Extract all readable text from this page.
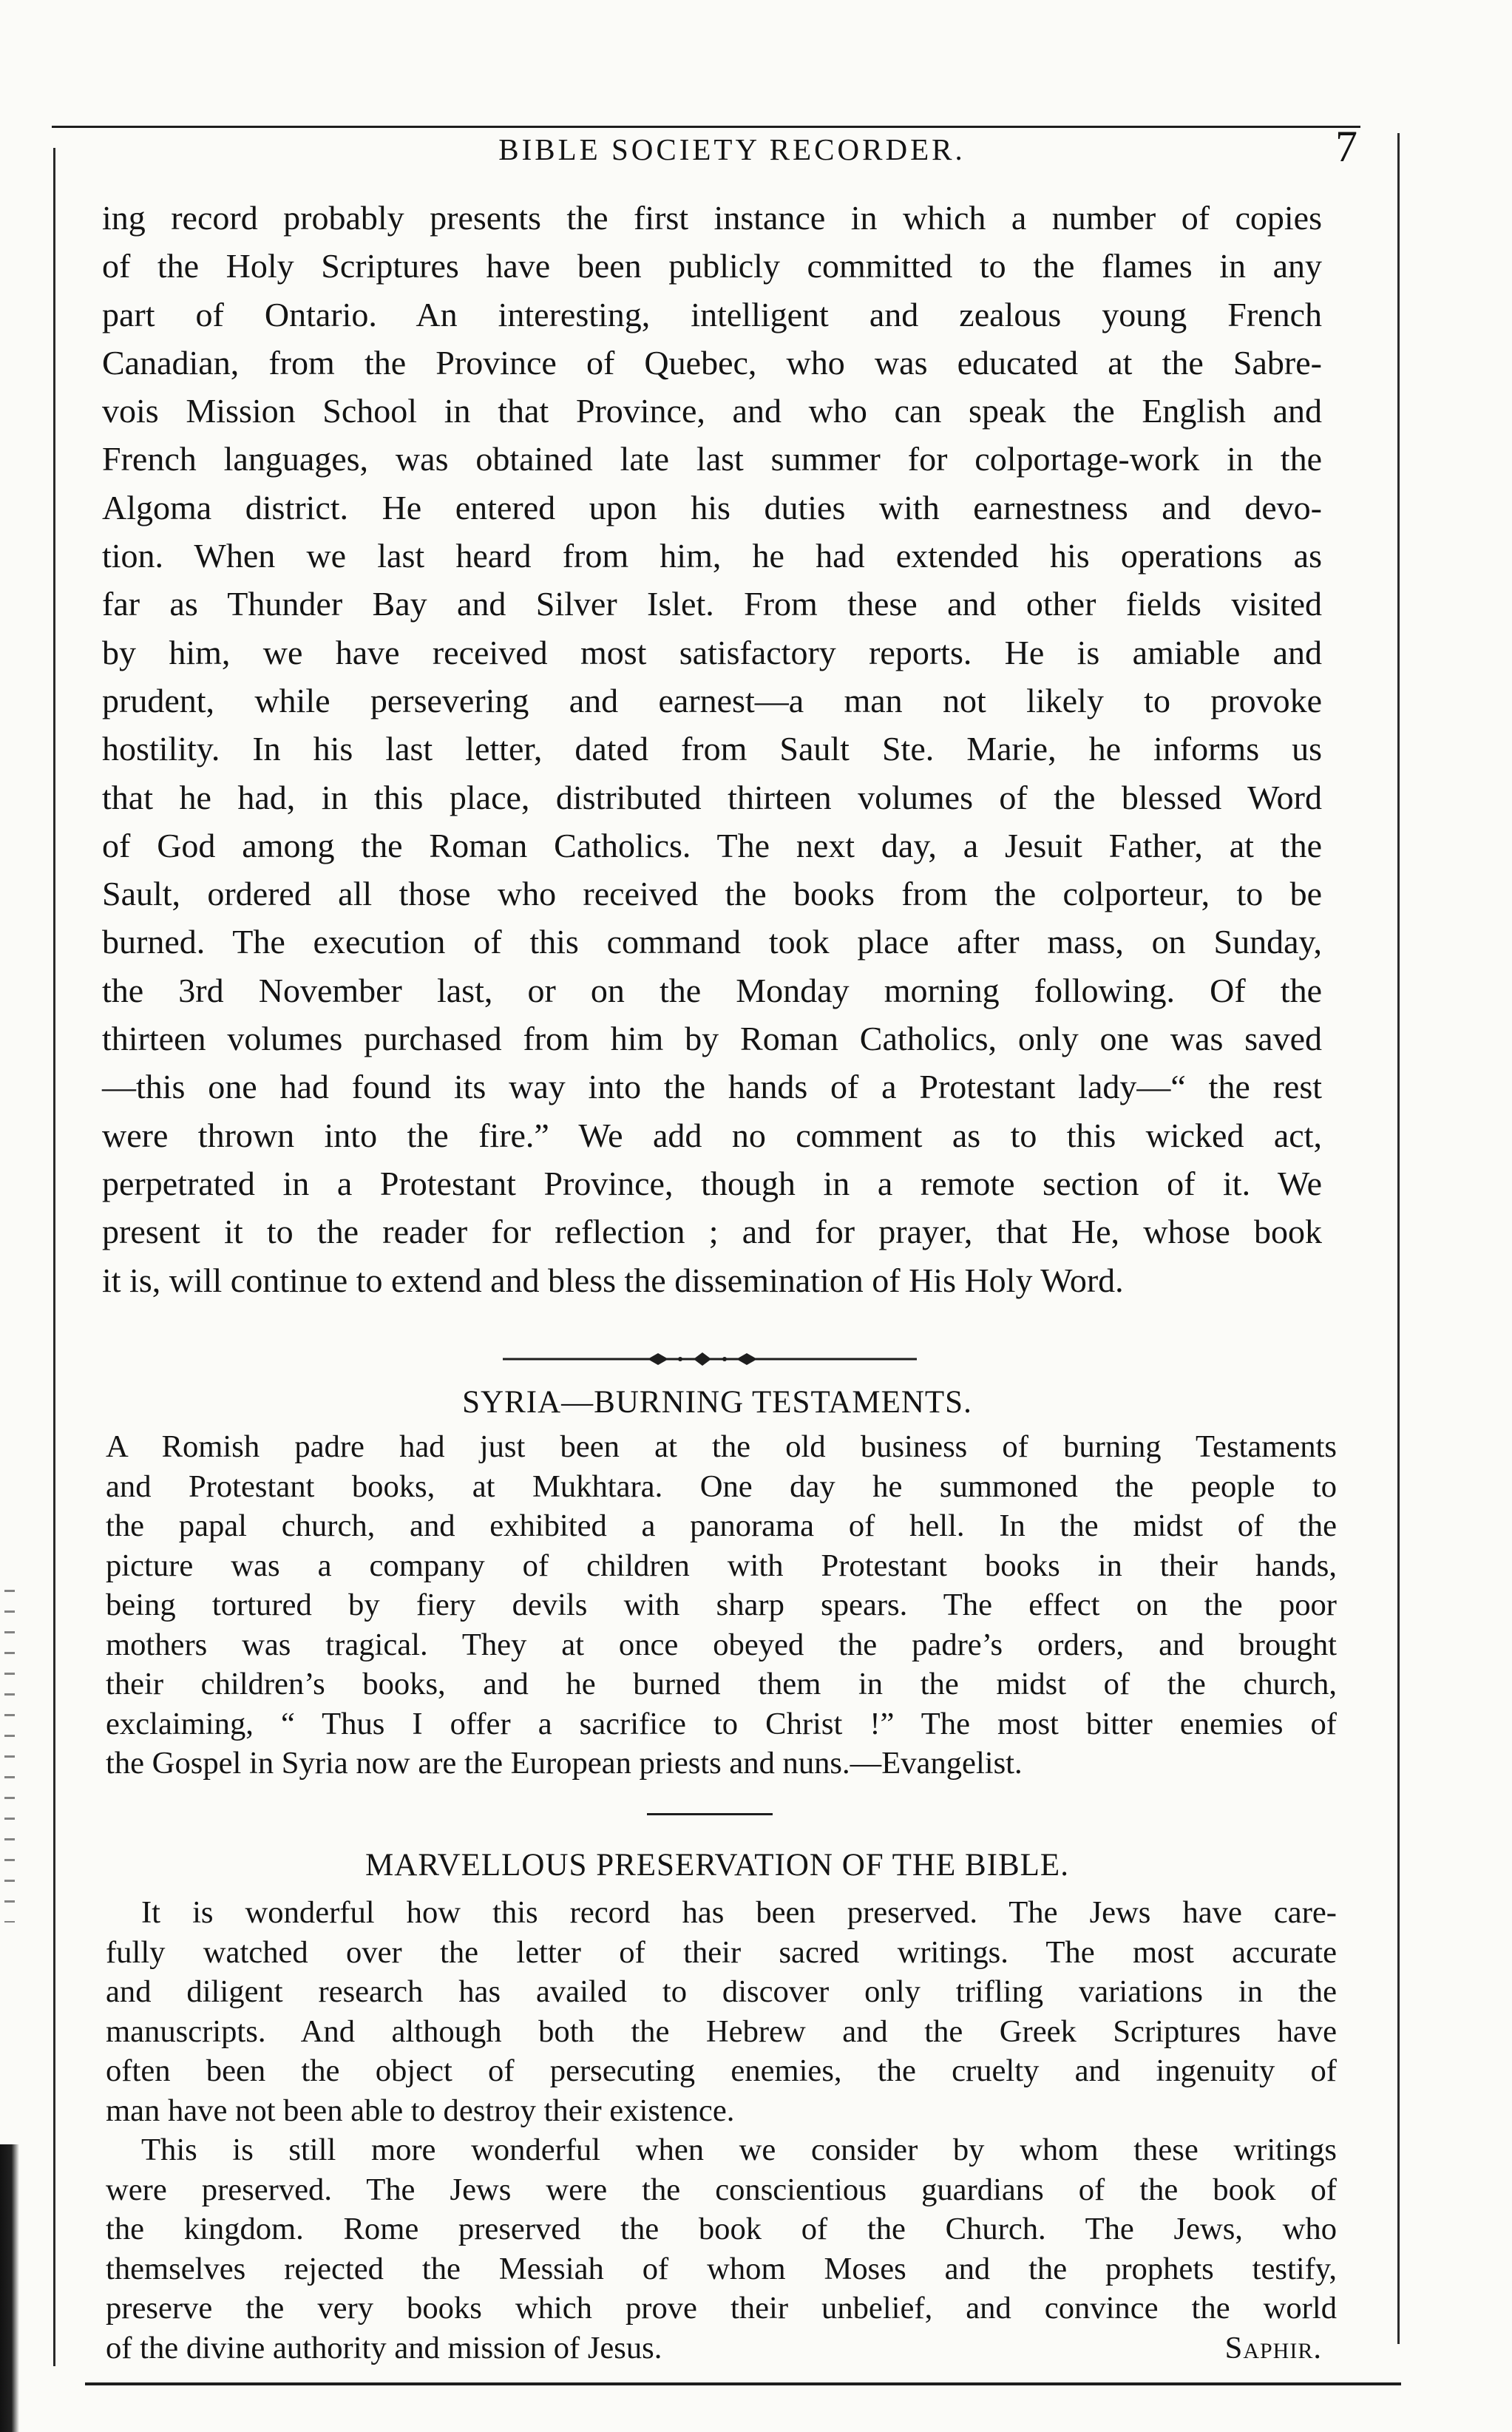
BIBLE SOCIETY RECORDER.	7
ing record probably presents the first instance in which a number of copies
of the Holy Scriptures have been publicly committed to the flames in any
part of Ontario. An interesting, intelligent and zealous young French
Canadian, from the Province of Quebec, who was educated at the Sabre-
vois Mission School in that Province, and who can speak the English and
French languages, was obtained late last summer for colportage-work in the
Algoma district. He entered upon his duties with earnestness and devo-
tion. When we last heard from him, he had extended his operations as
far as Thunder Bay and Silver Islet. From these and other fields visited
by him, we have received most satisfactory reports. He is amiable and
prudent, while persevering and earnest—a man not likely to provoke
hostility. In his last letter, dated from Sault Ste. Marie, he informs us
that he had, in this place, distributed thirteen volumes of the blessed Word
of God among the Roman Catholics. The next day, a Jesuit Father, at the
Sault, ordered all those who received the books from the colporteur, to be
burned. The execution of this command took place after mass, on Sunday,
the 3rd November last, or on the Monday morning following. Of the
thirteen volumes purchased from him by Roman Catholics, only one was saved
—this one had found its way into the hands of a Protestant lady—“ the rest
were thrown into the fire.” We add no comment as to this wicked act,
perpetrated in a Protestant Province, though in a remote section of it. We
present it to the reader for reflection ; and for prayer, that He, whose book
it is, will continue to extend and bless the dissemination of His Holy Word.
SYRIA—BURNING TESTAMENTS.
A Romish padre had just been at the old business of burning Testaments
and Protestant books, at Mukhtara. One day he summoned the people to
the papal church, and exhibited a panorama of hell. In the midst of the
picture was a company of children with Protestant books in their hands,
being tortured by fiery devils with sharp spears. The effect on the poor
mothers was tragical. They at once obeyed the padre’s orders, and brought
their children’s books, and he burned them in the midst of the church,
exclaiming, “ Thus I offer a sacrifice to Christ !” The most bitter enemies of
the Gospel in Syria now are the European priests and nuns.—Evangelist.
MARVELLOUS PRESERVATION OF THE BIBLE.
It is wonderful how this record has been preserved. The Jews have care-
fully watched over the letter of their sacred writings. The most accurate
and diligent research has availed to discover only trifling variations in the
manuscripts. And although both the Hebrew and the Greek Scriptures have
often been the object of persecuting enemies, the cruelty and ingenuity of
man have not been able to destroy their existence.
This is still more wonderful when we consider by whom these writings
were preserved. The Jews were the conscientious guardians of the book of
the kingdom. Rome preserved the book of the Church. The Jews, who
themselves rejected the Messiah of whom Moses and the prophets testify,
preserve the very books which prove their unbelief, and convince the world
of the divine authority and mission of Jesus.	Saphir.
